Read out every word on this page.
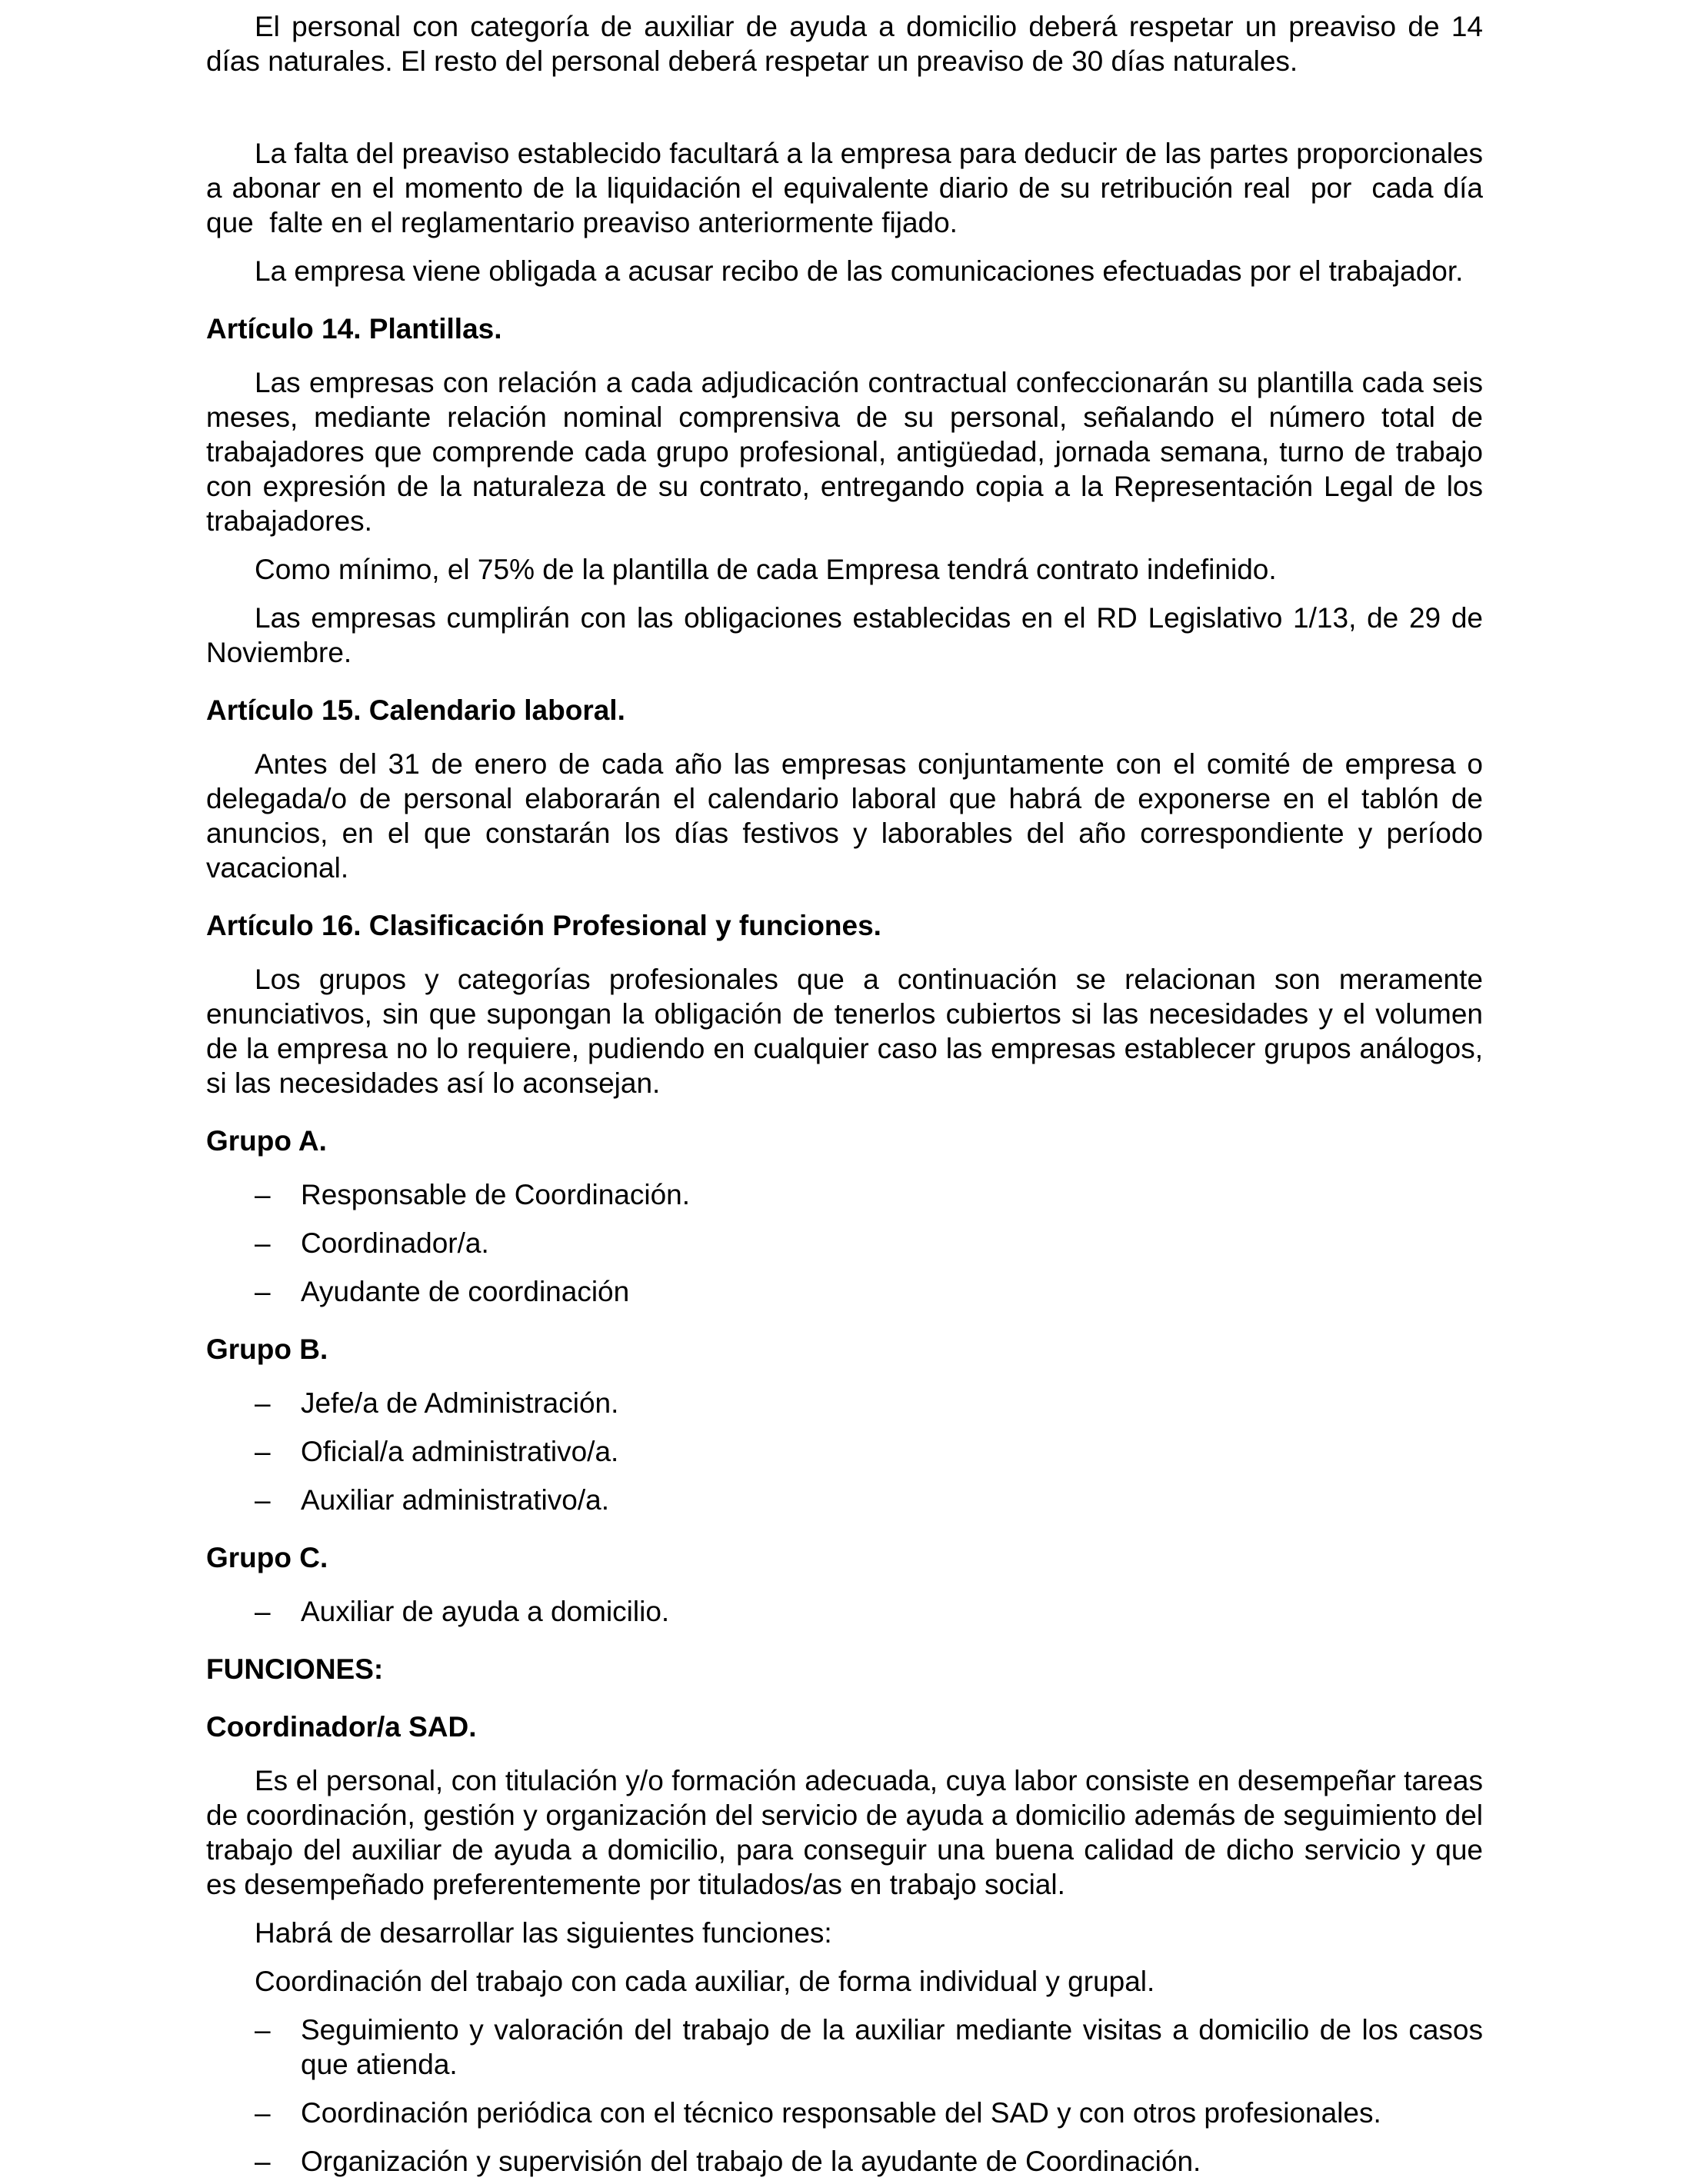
El personal con categoría de auxiliar de ayuda a domicilio deberá respetar un preaviso de 14 días naturales. El resto del personal deberá respetar un preaviso de 30 días naturales.

La falta del preaviso establecido facultará a la empresa para deducir de las partes proporcionales a abonar en el momento de la liquidación el equivalente diario de su retribución real  por  cada día que  falte en el reglamentario preaviso anteriormente fijado.

La empresa viene obligada a acusar recibo de las comunicaciones efectuadas por el trabajador.

Artículo 14. Plantillas.

Las empresas con relación a cada adjudicación contractual confeccionarán su plantilla cada seis meses, mediante relación nominal comprensiva de su personal, señalando el número total de trabajadores que comprende cada grupo profesional, antigüedad, jornada semana, turno de trabajo con expresión de la naturaleza de su contrato, entregando copia a la Representación Legal de los trabajadores.

Como mínimo, el 75% de la plantilla de cada Empresa tendrá contrato indefinido.

Las empresas cumplirán con las obligaciones establecidas en el RD Legislativo 1/13, de 29 de Noviembre.

Artículo 15. Calendario laboral.

Antes del 31 de enero de cada año las empresas conjuntamente con el comité de empresa o delegada/o de personal elaborarán el calendario laboral que habrá de exponerse en el tablón de anuncios, en el que constarán los días festivos y laborables del año correspondiente y período vacacional.

Artículo 16. Clasificación Profesional y funciones.

Los grupos y categorías profesionales que a continuación se relacionan son meramente enunciativos, sin que supongan la obligación de tenerlos cubiertos si las necesidades y el volumen de la empresa no lo requiere, pudiendo en cualquier caso las empresas establecer grupos análogos, si las necesidades así lo aconsejan.

Grupo A.
– Responsable de Coordinación.
– Coordinador/a.
– Ayudante de coordinación
Grupo B.
– Jefe/a de Administración.
– Oficial/a administrativo/a.
– Auxiliar administrativo/a.
Grupo C.
– Auxiliar de ayuda a domicilio.
FUNCIONES:
Coordinador/a SAD.

Es el personal, con titulación y/o formación adecuada, cuya labor consiste en desempeñar tareas de coordinación, gestión y organización del servicio de ayuda a domicilio además de seguimiento del trabajo del auxiliar de ayuda a domicilio, para conseguir una buena calidad de dicho servicio y que es desempeñado preferentemente por titulados/as en trabajo social.

Habrá de desarrollar las siguientes funciones:

Coordinación del trabajo con cada auxiliar, de forma individual y grupal.

– Seguimiento y valoración del trabajo de la auxiliar mediante visitas a domicilio de los casos que atienda.
– Coordinación periódica con el técnico responsable del SAD y con otros profesionales.
– Organización y supervisión del trabajo de la ayudante de Coordinación.
